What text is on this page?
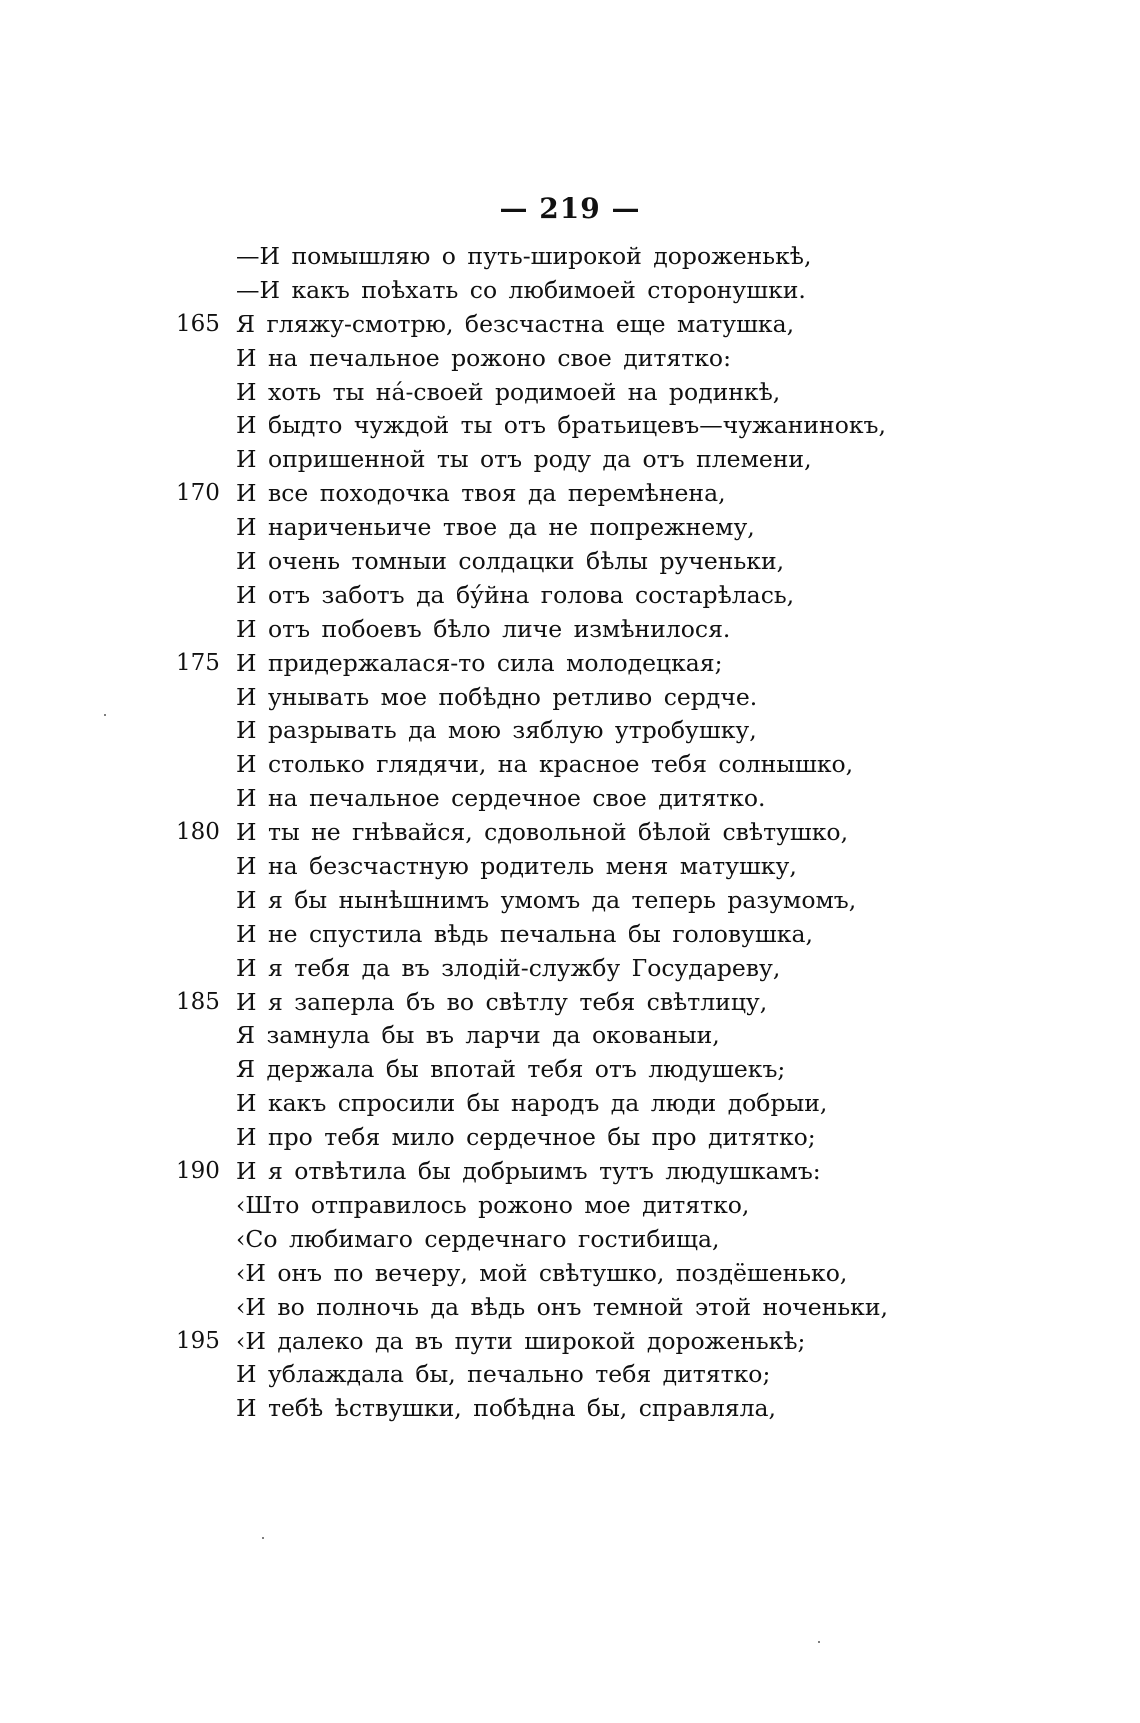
— 219 —
—И помышляю о путь-широкой дороженькѣ,
—И какъ поѣхать со любимоей сторонушки.
165 Я гляжу-смотрю, безсчастна еще матушка,
И на печальное рожоно свое дитятко:
И хоть ты на́-своей родимоей на родинкѣ,
И быдто чуждой ты отъ братьицевъ—чужанинокъ,
И опришенной ты отъ роду да отъ племени,
170 И все походочка твоя да перемѣнена,
И нариченьиче твое да не попрежнему,
И очень томныи солдацки бѣлы рученьки,
И отъ заботъ да бу́йна голова состарѣлась,
И отъ побоевъ бѣло личе измѣнилося.
175 И придержалася-то сила молодецкая;
И унывать мое побѣдно ретливо сердче.
И разрывать да мою зяблую утробушку,
И столько глядячи, на красное тебя солнышко,
И на печальное сердечное свое дитятко.
180 И ты не гнѣвайся, сдовольной бѣлой свѣтушко,
И на безсчастную родитель меня матушку,
И я бы нынѣшнимъ умомъ да теперь разумомъ,
И не спустила вѣдь печальна бы головушка,
И я тебя да въ злодій-службу Государеву,
185 И я заперла бъ во свѣтлу тебя свѣтлицу,
Я замнула бы въ ларчи да окованыи,
Я держала бы впотай тебя отъ людушекъ;
И какъ спросили бы народъ да люди добрыи,
И про тебя мило сердечное бы про дитятко;
190 И я отвѣтила бы добрыимъ тутъ людушкамъ:
‹Што отправилось рожоно мое дитятко,
‹Со любимаго сердечнаго гостибища,
‹И онъ по вечеру, мой свѣтушко, поздёшенько,
‹И во полночь да вѣдь онъ темной этой ноченьки,
195 ‹И далеко да въ пути широкой дороженькѣ;
И ублаждала бы, печально тебя дитятко;
И тебѣ ѣствушки, побѣдна бы, справляла,
